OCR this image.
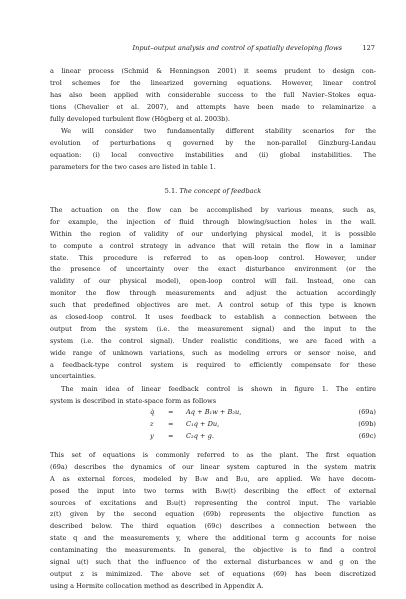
Input–output analysis and control of spatially developing flows	127
a linear process (Schmid & Henningson 2001) it seems prudent to design con-
trol schemes for the linearized governing equations. However, linear control
has also been applied with considerable success to the full Navier–Stokes equa-
tions (Chevalier et al. 2007), and attempts have been made to relaminarize a
fully developed turbulent flow (Högberg et al. 2003b).
We will consider two fundamentally different stability scenarios for the
evolution of perturbations q governed by the non-parallel Ginzburg-Landau
equation: (i) local convective instabilities and (ii) global instabilities. The
parameters for the two cases are listed in table 1.
5.1. The concept of feedback
The actuation on the flow can be accomplished by various means, such as,
for example, the injection of fluid through blowing/suction holes in the wall.
Within the region of validity of our underlying physical model, it is possible
to compute a control strategy in advance that will retain the flow in a laminar
state. This procedure is referred to as open-loop control. However, under
the presence of uncertainty over the exact disturbance environment (or the
validity of our physical model), open-loop control will fail. Instead, one can
monitor the flow through measurements and adjust the actuation accordingly
such that predefined objectives are met. A control setup of this type is known
as closed-loop control. It uses feedback to establish a connection between the
output from the system (i.e. the measurement signal) and the input to the
system (i.e. the control signal). Under realistic conditions, we are faced with a
wide range of unknown variations, such as modeling errors or sensor noise, and
a feedback-type control system is required to efficiently compensate for these
uncertainties.
The main idea of linear feedback control is shown in figure 1. The entire
system is described in state-space form as follows
q̇ = Aq + B₁w + B₂u,	(69a)
z = C₁q + Du,	(69b)
y = C₂q + g.	(69c)
This set of equations is commonly referred to as the plant. The first equation
(69a) describes the dynamics of our linear system captured in the system matrix
A as external forces, modeled by B₁w and B₂u, are applied. We have decom-
posed the input into two terms with B₁w(t) describing the effect of external
sources of excitations and B₂u(t) representing the control input. The variable
z(t) given by the second equation (69b) represents the objective function as
described below. The third equation (69c) describes a connection between the
state q and the measurements y, where the additional term g accounts for noise
contaminating the measurements. In general, the objective is to find a control
signal u(t) such that the influence of the external disturbances w and g on the
output z is minimized. The above set of equations (69) has been discretized
using a Hermite collocation method as described in Appendix A.
